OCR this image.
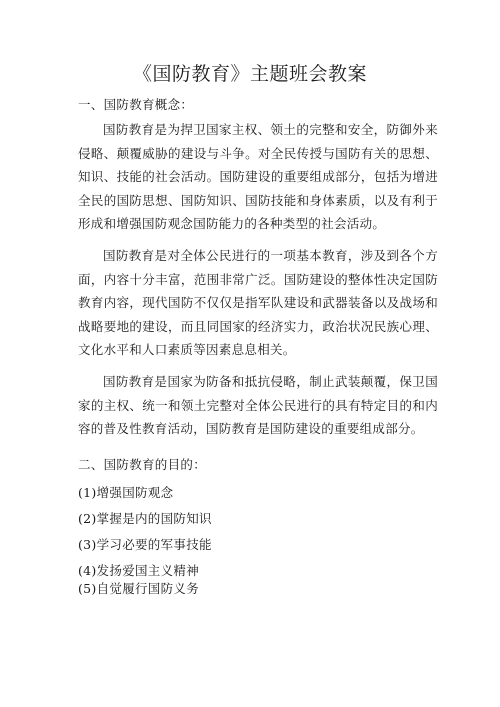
《国防教育》主题班会教案
一、国防教育概念：
国防教育是为捍卫国家主权、领土的完整和安全，防御外来侵略、颠覆威胁的建设与斗争。对全民传授与国防有关的思想、知识、技能的社会活动。国防建设的重要组成部分，包括为增进全民的国防思想、国防知识、国防技能和身体素质，以及有利于形成和增强国防观念国防能力的各种类型的社会活动。
国防教育是对全体公民进行的一项基本教育，涉及到各个方面，内容十分丰富，范围非常广泛。国防建设的整体性决定国防教育内容，现代国防不仅仅是指军队建设和武器装备以及战场和战略要地的建设，而且同国家的经济实力，政治状况民族心理、文化水平和人口素质等因素息息相关。
国防教育是国家为防备和抵抗侵略，制止武装颠覆，保卫国家的主权、统一和领土完整对全体公民进行的具有特定目的和内容的普及性教育活动，国防教育是国防建设的重要组成部分。
二、国防教育的目的：
(1)增强国防观念
(2)掌握是内的国防知识
(3)学习必要的军事技能
(4)发扬爱国主义精神
(5)自觉履行国防义务
